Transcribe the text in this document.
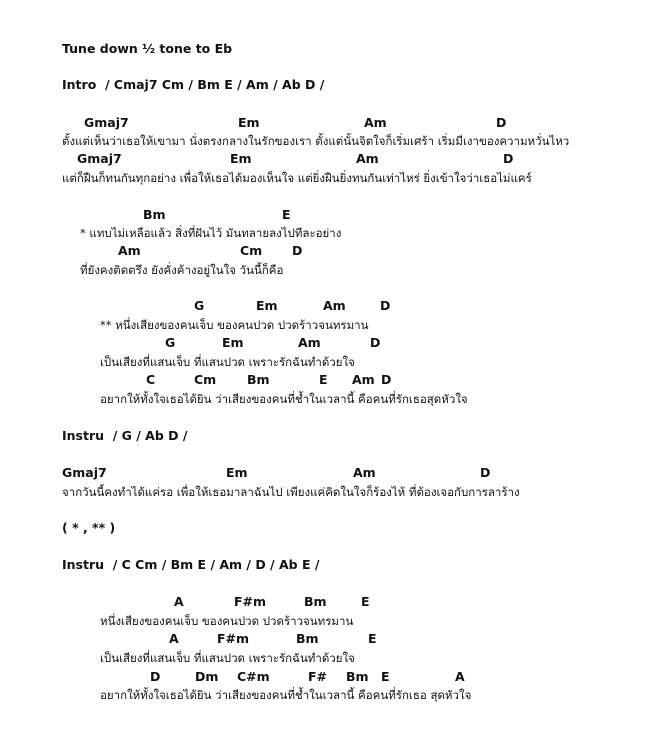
Tune down ½ tone to Eb
Intro  / Cmaj7 Cm / Bm E / Am / Ab D /
Gmaj7	Em	Am	D
ตั้งแต่เห็นว่าเธอให้เขามา นั่งตรงกลางในรักของเรา ตั้งแต่นั้นจิตใจก็เริ่มเศร้า เริ่มมีเงาของความหวั่นไหว
Gmaj7	Em	Am	D
แต่ก็ฝืนก็ทนกันทุกอย่าง เพื่อให้เธอได้มองเห็นใจ แต่ยิ่งฝืนยิ่งทนกันเท่าไหร่ ยิ่งเข้าใจว่าเธอไม่แคร์
Bm	E
* แทบไม่เหลือแล้ว สิ่งที่ฝันไว้ มันทลายลงไปทีละอย่าง
Am	Cm D
ที่ยังคงติดตรึง ยังคั่งค้างอยู่ในใจ วันนี้ก็คือ
G	Em	Am	D
** หนึ่งเสียงของคนเจ็บ ของคนปวด ปวดร้าวจนทรมาน
G	Em	Am	D
เป็นเสียงที่แสนเจ็บ ที่แสนปวด เพราะรักฉันทำด้วยใจ
C	Cm Bm	E Am D
อยากให้ทั้งใจเธอได้ยิน ว่าเสียงของคนที่ช้ำในเวลานี้ คือคนที่รักเธอสุดหัวใจ
Instru  / G / Ab D /
Gmaj7	Em	Am	D
จากวันนี้คงทำได้แค่รอ เพื่อให้เธอมาลาฉันไป เพียงแค่คิดในใจก็ร้องไห้ ที่ต้องเจอกับการลาร้าง
( * , ** )
Instru  / C Cm / Bm E / Am / D / Ab E /
A	F#m	Bm	E
หนึ่งเสียงของคนเจ็บ ของคนปวด ปวดร้าวจนทรมาน
A	F#m	Bm	E
เป็นเสียงที่แสนเจ็บ ที่แสนปวด เพราะรักฉันทำด้วยใจ
D	Dm C#m	F# Bm E	A
อยากให้ทั้งใจเธอได้ยิน ว่าเสียงของคนที่ช้ำในเวลานี้ คือคนที่รักเธอ สุดหัวใจ
